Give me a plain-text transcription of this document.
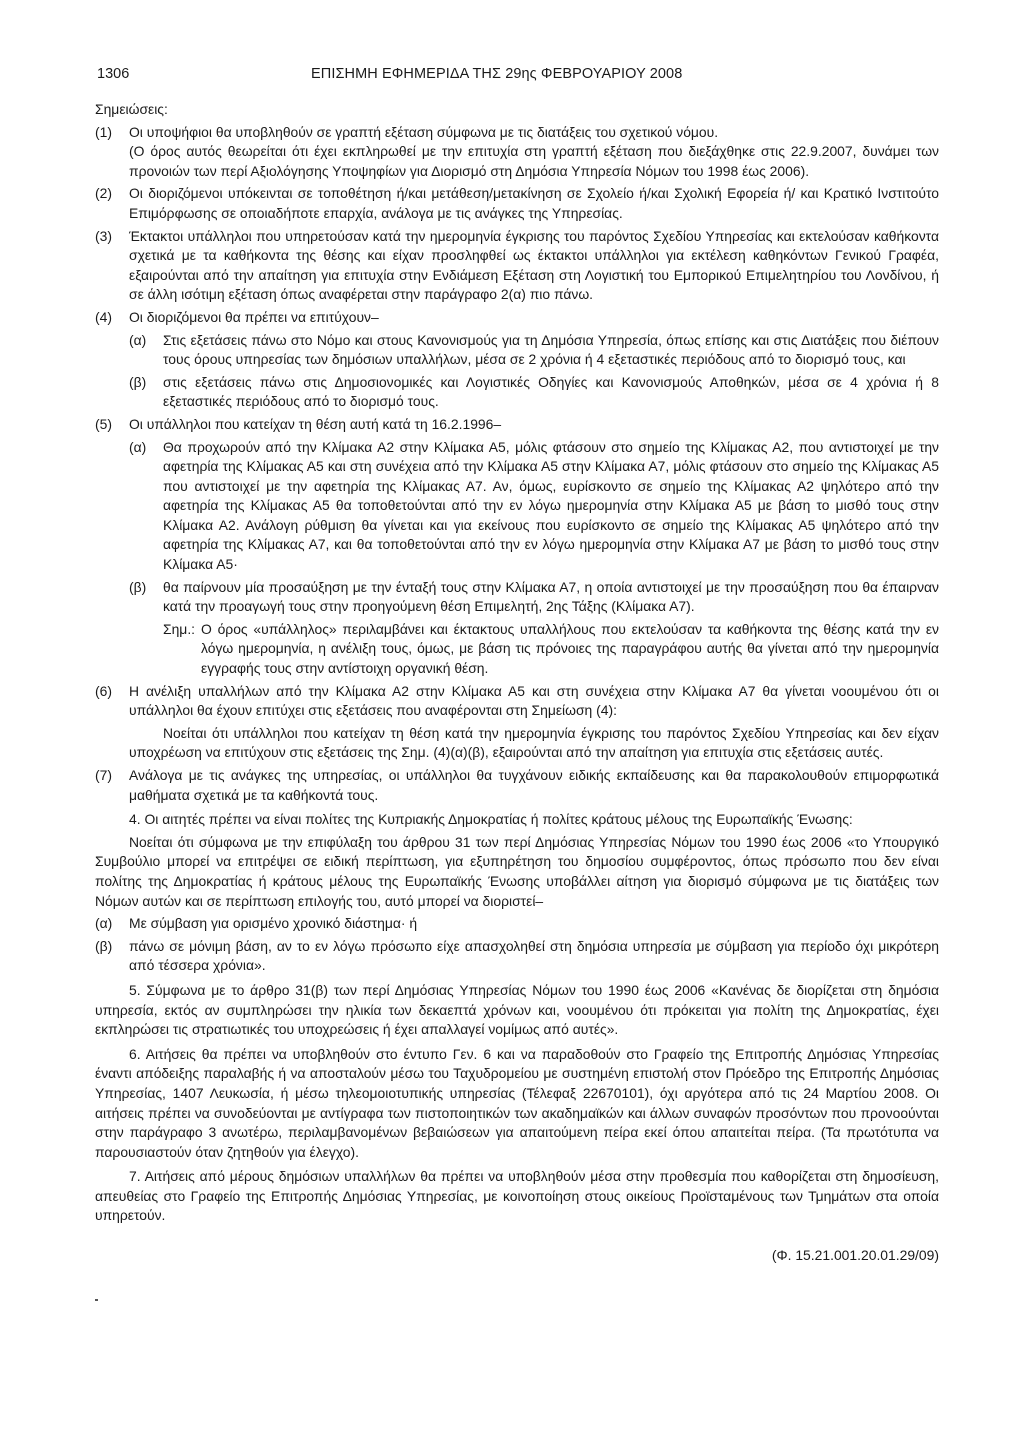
1306	ΕΠΙΣΗΜΗ ΕΦΗΜΕΡΙΔΑ ΤΗΣ 29ης ΦΕΒΡΟΥΑΡΙΟΥ 2008

Σημειώσεις:

(1)	Οι υποψήφιοι θα υποβληθούν σε γραπτή εξέταση σύμφωνα με τις διατάξεις του σχετικού νόμου.

(Ο όρος αυτός θεωρείται ότι έχει εκπληρωθεί με την επιτυχία στη γραπτή εξέταση που διεξάχθηκε στις 22.9.2007, δυνάμει των προνοιών των περί Αξιολόγησης Υποψηφίων για Διορισμό στη Δημόσια Υπηρεσία Νόμων του 1998 έως 2006).

(2)	Οι διοριζόμενοι υπόκεινται σε τοποθέτηση ή/και μετάθεση/μετακίνηση σε Σχολείο ή/και Σχολική Εφορεία ή/ και Κρατικό Ινστιτούτο Επιμόρφωσης σε οποιαδήποτε επαρχία, ανάλογα με τις ανάγκες της Υπηρεσίας.
(3)	Έκτακτοι υπάλληλοι που υπηρετούσαν κατά την ημερομηνία έγκρισης του παρόντος Σχεδίου Υπηρεσίας και εκτελούσαν καθήκοντα σχετικά με τα καθήκοντα της θέσης και είχαν προσληφθεί ως έκτακτοι υπάλληλοι για εκτέλεση καθηκόντων Γενικού Γραφέα, εξαιρούνται από την απαίτηση για επιτυχία στην Ενδιάμεση Εξέταση στη Λογιστική του Εμπορικού Επιμελητηρίου του Λονδίνου, ή σε άλλη ισότιμη εξέταση όπως αναφέρεται στην παράγραφο 2(α) πιο πάνω.
(4)	Οι διοριζόμενοι θα πρέπει να επιτύχουν–

(α)	Στις εξετάσεις πάνω στο Νόμο και στους Κανονισμούς για τη Δημόσια Υπηρεσία, όπως επίσης και στις Διατάξεις που διέπουν τους όρους υπηρεσίας των δημόσιων υπαλλήλων, μέσα σε 2 χρόνια ή 4 εξεταστικές περιόδους από το διορισμό τους, και
(β)	στις εξετάσεις πάνω στις Δημοσιονομικές και Λογιστικές Οδηγίες και Κανονισμούς Αποθηκών, μέσα σε 4 χρόνια ή 8 εξεταστικές περιόδους από το διορισμό τους.
(5)	Οι υπάλληλοι που κατείχαν τη θέση αυτή κατά τη 16.2.1996–

(α)	Θα προχωρούν από την Κλίμακα Α2 στην Κλίμακα Α5, μόλις φτάσουν στο σημείο της Κλίμακας Α2, που αντιστοιχεί με την αφετηρία της Κλίμακας Α5 και στη συνέχεια από την Κλίμακα Α5 στην Κλίμακα Α7, μόλις φτάσουν στο σημείο της Κλίμακας Α5 που αντιστοιχεί με την αφετηρία της Κλίμακας Α7. Αν, όμως, ευρίσκοντο σε σημείο της Κλίμακας Α2 ψηλότερο από την αφετηρία της Κλίμακας Α5 θα τοποθετούνται από την εν λόγω ημερομηνία στην Κλίμακα Α5 με βάση το μισθό τους στην Κλίμακα Α2. Ανάλογη ρύθμιση θα γίνεται και για εκείνους που ευρίσκοντο σε σημείο της Κλίμακας Α5 ψηλότερο από την αφετηρία της Κλίμακας Α7, και θα τοποθετούνται από την εν λόγω ημερομηνία στην Κλίμακα Α7 με βάση το μισθό τους στην Κλίμακα Α5·
(β)	θα παίρνουν μία προσαύξηση με την ένταξή τους στην Κλίμακα Α7, η οποία αντιστοιχεί με την προσαύξηση που θα έπαιρναν κατά την προαγωγή τους στην προηγούμενη θέση Επιμελητή, 2ης Τάξης (Κλίμακα Α7).
Σημ.: Ο όρος «υπάλληλος» περιλαμβάνει και έκτακτους υπαλλήλους που εκτελούσαν τα καθήκοντα της θέσης κατά την εν λόγω ημερομηνία, η ανέλιξη τους, όμως, με βάση τις πρόνοιες της παραγράφου αυτής θα γίνεται από την ημερομηνία εγγραφής τους στην αντίστοιχη οργανική θέση.
(6)	Η ανέλιξη υπαλλήλων από την Κλίμακα Α2 στην Κλίμακα Α5 και στη συνέχεια στην Κλίμακα Α7 θα γίνεται νοουμένου ότι οι υπάλληλοι θα έχουν επιτύχει στις εξετάσεις που αναφέρονται στη Σημείωση (4):

Νοείται ότι υπάλληλοι που κατείχαν τη θέση κατά την ημερομηνία έγκρισης του παρόντος Σχεδίου Υπηρεσίας και δεν είχαν υποχρέωση να επιτύχουν στις εξετάσεις της Σημ. (4)(α)(β), εξαιρούνται από την απαίτηση για επιτυχία στις εξετάσεις αυτές.

(7)	Ανάλογα με τις ανάγκες της υπηρεσίας, οι υπάλληλοι θα τυγχάνουν ειδικής εκπαίδευσης και θα παρακολουθούν επιμορφωτικά μαθήματα σχετικά με τα καθήκοντά τους.

4. Οι αιτητές πρέπει να είναι πολίτες της Κυπριακής Δημοκρατίας ή πολίτες κράτους μέλους της Ευρωπαϊκής Ένωσης:

Νοείται ότι σύμφωνα με την επιφύλαξη του άρθρου 31 των περί Δημόσιας Υπηρεσίας Νόμων του 1990 έως 2006 «το Υπουργικό Συμβούλιο μπορεί να επιτρέψει σε ειδική περίπτωση, για εξυπηρέτηση του δημοσίου συμφέροντος, όπως πρόσωπο που δεν είναι πολίτης της Δημοκρατίας ή κράτους μέλους της Ευρωπαϊκής Ένωσης υποβάλλει αίτηση για διορισμό σύμφωνα με τις διατάξεις των Νόμων αυτών και σε περίπτωση επιλογής του, αυτό μπορεί να διοριστεί–

(α)	Με σύμβαση για ορισμένο χρονικό διάστημα· ή
(β)	πάνω σε μόνιμη βάση, αν το εν λόγω πρόσωπο είχε απασχοληθεί στη δημόσια υπηρεσία με σύμβαση για περίοδο όχι μικρότερη από τέσσερα χρόνια».

5. Σύμφωνα με το άρθρο 31(β) των περί Δημόσιας Υπηρεσίας Νόμων του 1990 έως 2006 «Κανένας δε διορίζεται στη δημόσια υπηρεσία, εκτός αν συμπληρώσει την ηλικία των δεκαεπτά χρόνων και, νοουμένου ότι πρόκειται για πολίτη της Δημοκρατίας, έχει εκπληρώσει τις στρατιωτικές του υποχρεώσεις ή έχει απαλλαγεί νομίμως από αυτές».

6. Αιτήσεις θα πρέπει να υποβληθούν στο έντυπο Γεν. 6 και να παραδοθούν στο Γραφείο της Επιτροπής Δημόσιας Υπηρεσίας έναντι απόδειξης παραλαβής ή να αποσταλούν μέσω του Ταχυδρομείου με συστημένη επιστολή στον Πρόεδρο της Επιτροπής Δημόσιας Υπηρεσίας, 1407 Λευκωσία, ή μέσω τηλεομοιοτυπικής υπηρεσίας (Τέλεφαξ 22670101), όχι αργότερα από τις 24 Μαρτίου 2008. Οι αιτήσεις πρέπει να συνοδεύονται με αντίγραφα των πιστοποιητικών των ακαδημαϊκών και άλλων συναφών προσόντων που προνοούνται στην παράγραφο 3 ανωτέρω, περιλαμβανομένων βεβαιώσεων για απαιτούμενη πείρα εκεί όπου απαιτείται πείρα. (Τα πρωτότυπα να παρουσιαστούν όταν ζητηθούν για έλεγχο).

7. Αιτήσεις από μέρους δημόσιων υπαλλήλων θα πρέπει να υποβληθούν μέσα στην προθεσμία που καθορίζεται στη δημοσίευση, απευθείας στο Γραφείο της Επιτροπής Δημόσιας Υπηρεσίας, με κοινοποίηση στους οικείους Προϊσταμένους των Τμημάτων στα οποία υπηρετούν.

(Φ. 15.21.001.20.01.29/09)
